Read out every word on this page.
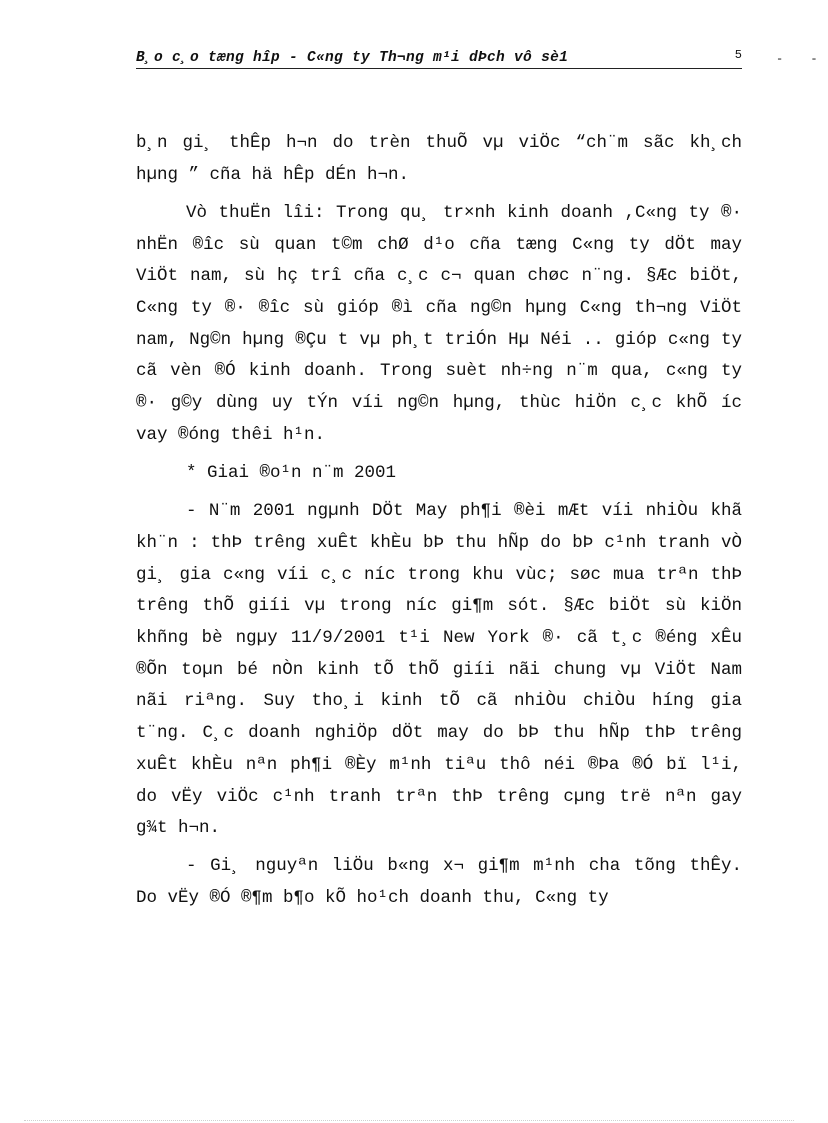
B¸o c¸o tæng hîp - C«ng ty Th¬ng m¹i dÞch vô sè1	5	- -

b¸n gi¸ thÊp h¬n do trèn thuÕ vµ viÖc “ch¨m sãc kh¸ch hµng ” cña hä hÊp dÉn h¬n.

Vò thuËn lîi: Trong qu¸ tr×nh kinh doanh ,C«ng ty ®· nhËn ®îc sù quan t©m chØ d¹o cña tæng C«ng ty dÖt may ViÖt nam, sù hç trî cña c¸c c¬ quan chøc n¨ng. §Æc biÖt, C«ng ty ®· ®îc sù gióp ®ì cña ng©n hµng C«ng th¬ng ViÖt nam, Ng©n hµng ®Çu t vµ ph¸t triÓn Hµ Néi .. gióp c«ng ty cã vèn ®Ó kinh doanh. Trong suèt nh÷ng n¨m qua, c«ng ty ®· g©y dùng uy tÝn víi ng©n hµng, thùc hiÖn c¸c khÕ íc vay ®óng thêi h¹n.

* Giai ®o¹n n¨m 2001

- N¨m 2001 ngµnh DÖt May ph¶i ®èi mÆt víi nhiÒu khã kh¨n : thÞ trêng xuÊt khÈu bÞ thu hÑp do bÞ c¹nh tranh vÒ gi¸ gia c«ng víi c¸c níc trong khu vùc; søc mua trªn thÞ trêng thÕ giíi vµ trong níc gi¶m sót. §Æc biÖt sù kiÖn khñng bè ngµy 11/9/2001 t¹i New York ®· cã t¸c ®éng xÊu ®Õn toµn bé nÒn kinh tÕ thÕ giíi nãi chung vµ ViÖt Nam nãi riªng. Suy tho¸i kinh tÕ cã nhiÒu chiÒu híng gia t¨ng. C¸c doanh nghiÖp dÖt may do bÞ thu hÑp thÞ trêng xuÊt khÈu nªn ph¶i ®Èy m¹nh tiªu thô néi ®Þa ®Ó bï l¹i, do vËy viÖc c¹nh tranh trªn thÞ trêng cµng trë nªn gay g¾t h¬n.

- Gi¸ nguyªn liÖu b«ng x¬ gi¶m m¹nh cha tõng thÊy. Do vËy ®Ó ®¶m b¶o kÕ ho¹ch doanh thu, C«ng ty
